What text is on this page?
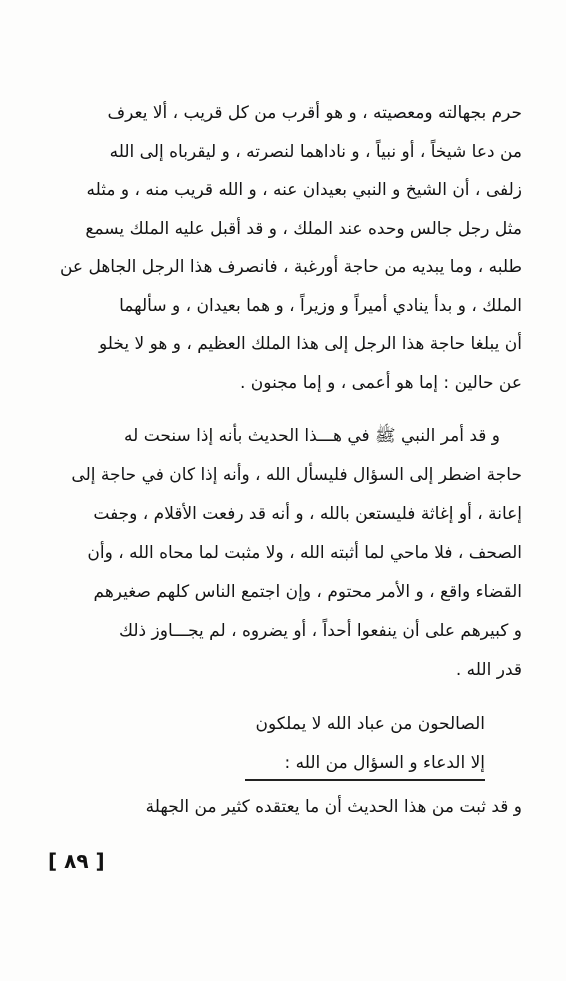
حرم بجهالته ومعصيته ، و هو أقرب من كل قريب ، ألا يعرف
من دعا شيخاً ، أو نبياً ، و ناداهما لنصرته ، و ليقرباه إلى الله
زلفى ، أن الشيخ و النبي بعيدان عنه ، و الله قريب منه ، و مثله
مثل رجل جالس وحده عند الملك ، و قد أقبل عليه الملك يسمع
طلبه ، وما يبديه من حاجة أورغبة ، فانصرف هذا الرجل الجاهل عن
الملك ، و بدأ ينادي أميراً و وزيراً ، و هما بعيدان ، و سألهما
أن يبلغا حاجة هذا الرجل إلى هذا الملك العظيم ، و هو لا يخلو
عن حالين : إما هو أعمى ، و إما مجنون .
و قد أمر النبي ﷺ في هـــذا الحديث بأنه إذا سنحت له
حاجة اضطر إلى السؤال فليسأل الله ، وأنه إذا كان في حاجة إلى
إعانة ، أو إغاثة فليستعن بالله ، و أنه قد رفعت الأقلام ، وجفت
الصحف ، فلا ماحي لما أثبته الله ، ولا مثبت لما محاه الله ، وأن
القضاء واقع ، و الأمر محتوم ، وإن اجتمع الناس كلهم صغيرهم
و كبيرهم على أن ينفعوا أحداً ، أو يضروه ، لم يجـــاوز ذلك
قدر الله .
الصالحون من عباد الله لا يملكون
إلا الدعاء و السؤال من الله :
و قد ثبت من هذا الحديث أن ما يعتقده كثير من الجهلة
[ ٨٩ ]
